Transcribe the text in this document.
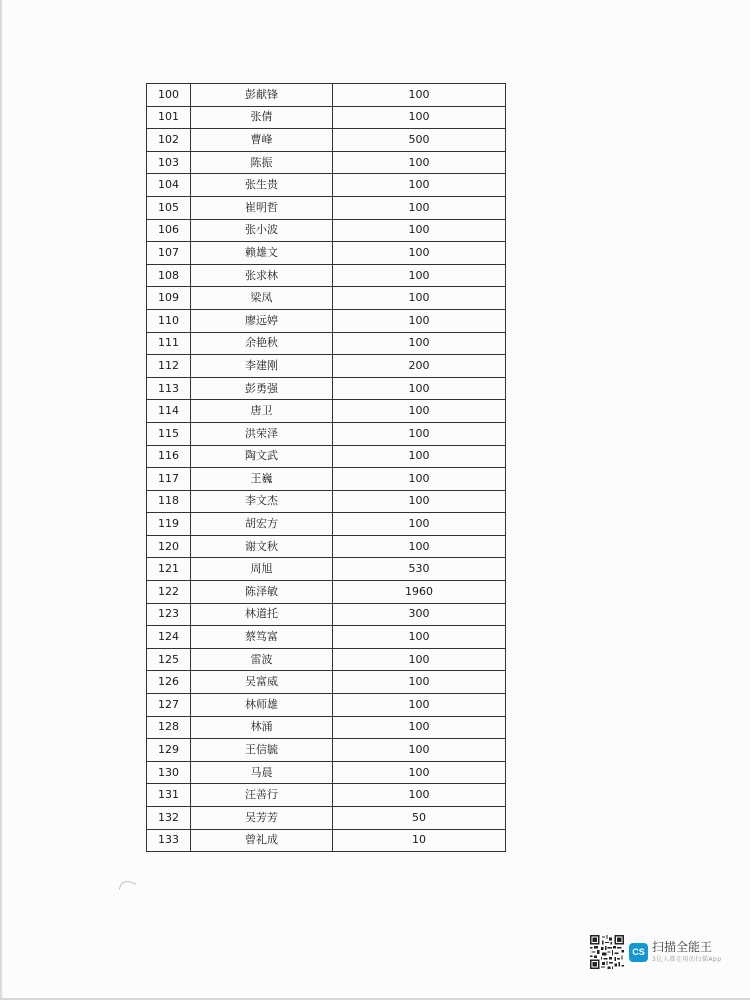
100	彭献锋	100
101	张倩	100
102	曹峰	500
103	陈振	100
104	张生贵	100
105	崔明哲	100
106	张小波	100
107	赖雄文	100
108	张求林	100
109	梁凤	100
110	廖远婷	100
111	余艳秋	100
112	李建刚	200
113	彭勇强	100
114	唐卫	100
115	洪荣泽	100
116	陶文武	100
117	王巍	100
118	李文杰	100
119	胡宏方	100
120	谢文秋	100
121	周旭	530
122	陈泽敏	1960
123	林道托	300
124	蔡笃富	100
125	雷波	100
126	吴富威	100
127	林师雄	100
128	林涌	100
129	王信毓	100
130	马晨	100
131	汪善行	100
132	吴芳芳	50
133	曾礼成	10
CS 扫描全能王
3亿人都在用的扫描App
